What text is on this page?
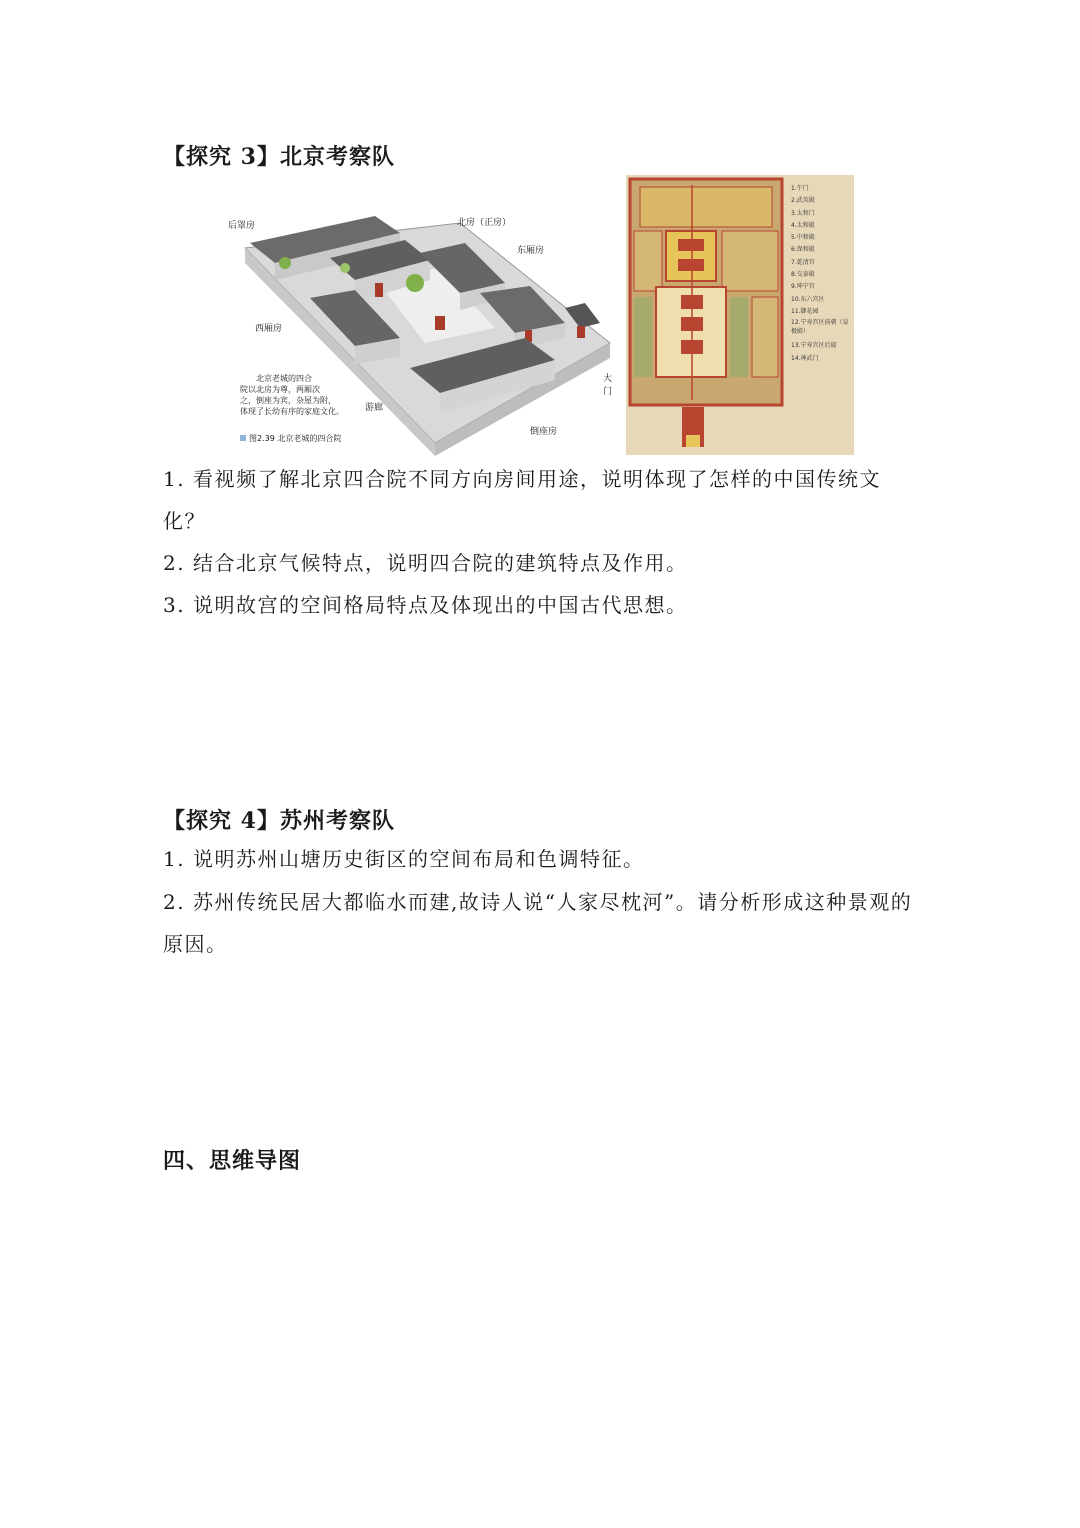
【探究 3】北京考察队
后罩房	北房（正房）
东厢房
西厢房
大门
游廊
倒座房
北京老城的四合
院以北房为尊，两厢次
之，倒座为宾，杂屋为附，
体现了长幼有序的家庭文化。
图2.39 北京老城的四合院
1.午门
2.武英殿
3.太和门
4.太和殿
5.中和殿
6.保和殿
7.乾清宫
8.交泰殿
9.坤宁宫
10.东六宫区
11.御花园
12.宁寿宫区前朝（皇极殿）
13.宁寿宫区后寝
14.神武门
1. 看视频了解北京四合院不同方向房间用途，说明体现了怎样的中国传统文化？
2. 结合北京气候特点，说明四合院的建筑特点及作用。
3. 说明故宫的空间格局特点及体现出的中国古代思想。
【探究 4】苏州考察队
1. 说明苏州山塘历史街区的空间布局和色调特征。
2. 苏州传统民居大都临水而建,故诗人说“人家尽枕河”。请分析形成这种景观的原因。
四、思维导图
